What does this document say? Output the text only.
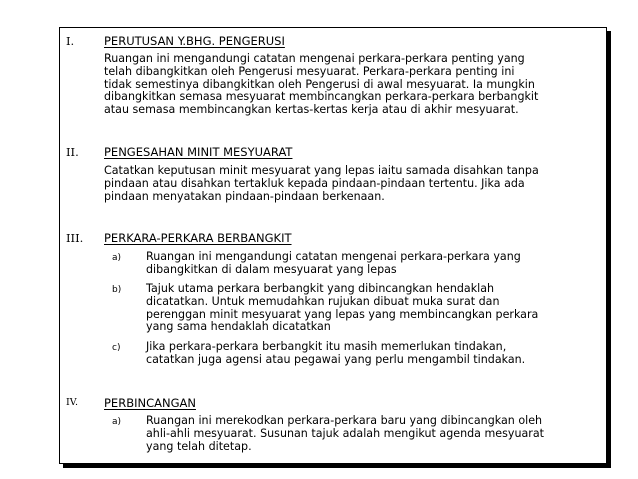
I.	PERUTUSAN Y.BHG. PENGERUSI
Ruangan ini mengandungi catatan mengenai perkara-perkara penting yang
telah dibangkitkan oleh Pengerusi mesyuarat. Perkara-perkara penting ini
tidak semestinya dibangkitkan oleh Pengerusi di awal mesyuarat. Ia mungkin
dibangkitkan semasa mesyuarat membincangkan perkara-perkara berbangkit
atau semasa membincangkan kertas-kertas kerja atau di akhir mesyuarat.
II. PENGESAHAN MINIT MESYUARAT
Catatkan keputusan minit mesyuarat yang lepas iaitu samada disahkan tanpa
pindaan atau disahkan tertakluk kepada pindaan-pindaan tertentu. Jika ada
pindaan menyatakan pindaan-pindaan berkenaan.
III. PERKARA-PERKARA BERBANGKIT
a) Ruangan ini mengandungi catatan mengenai perkara-perkara yang
dibangkitkan di dalam mesyuarat yang lepas
b) Tajuk utama perkara berbangkit yang dibincangkan hendaklah
dicatatkan. Untuk memudahkan rujukan dibuat muka surat dan
perenggan minit mesyuarat yang lepas yang membincangkan perkara
yang sama hendaklah dicatatkan
c) Jika perkara-perkara berbangkit itu masih memerlukan tindakan,
catatkan juga agensi atau pegawai yang perlu mengambil tindakan.
IV. PERBINCANGAN
a) Ruangan ini merekodkan perkara-perkara baru yang dibincangkan oleh
ahli-ahli mesyuarat. Susunan tajuk adalah mengikut agenda mesyuarat
yang telah ditetap.
